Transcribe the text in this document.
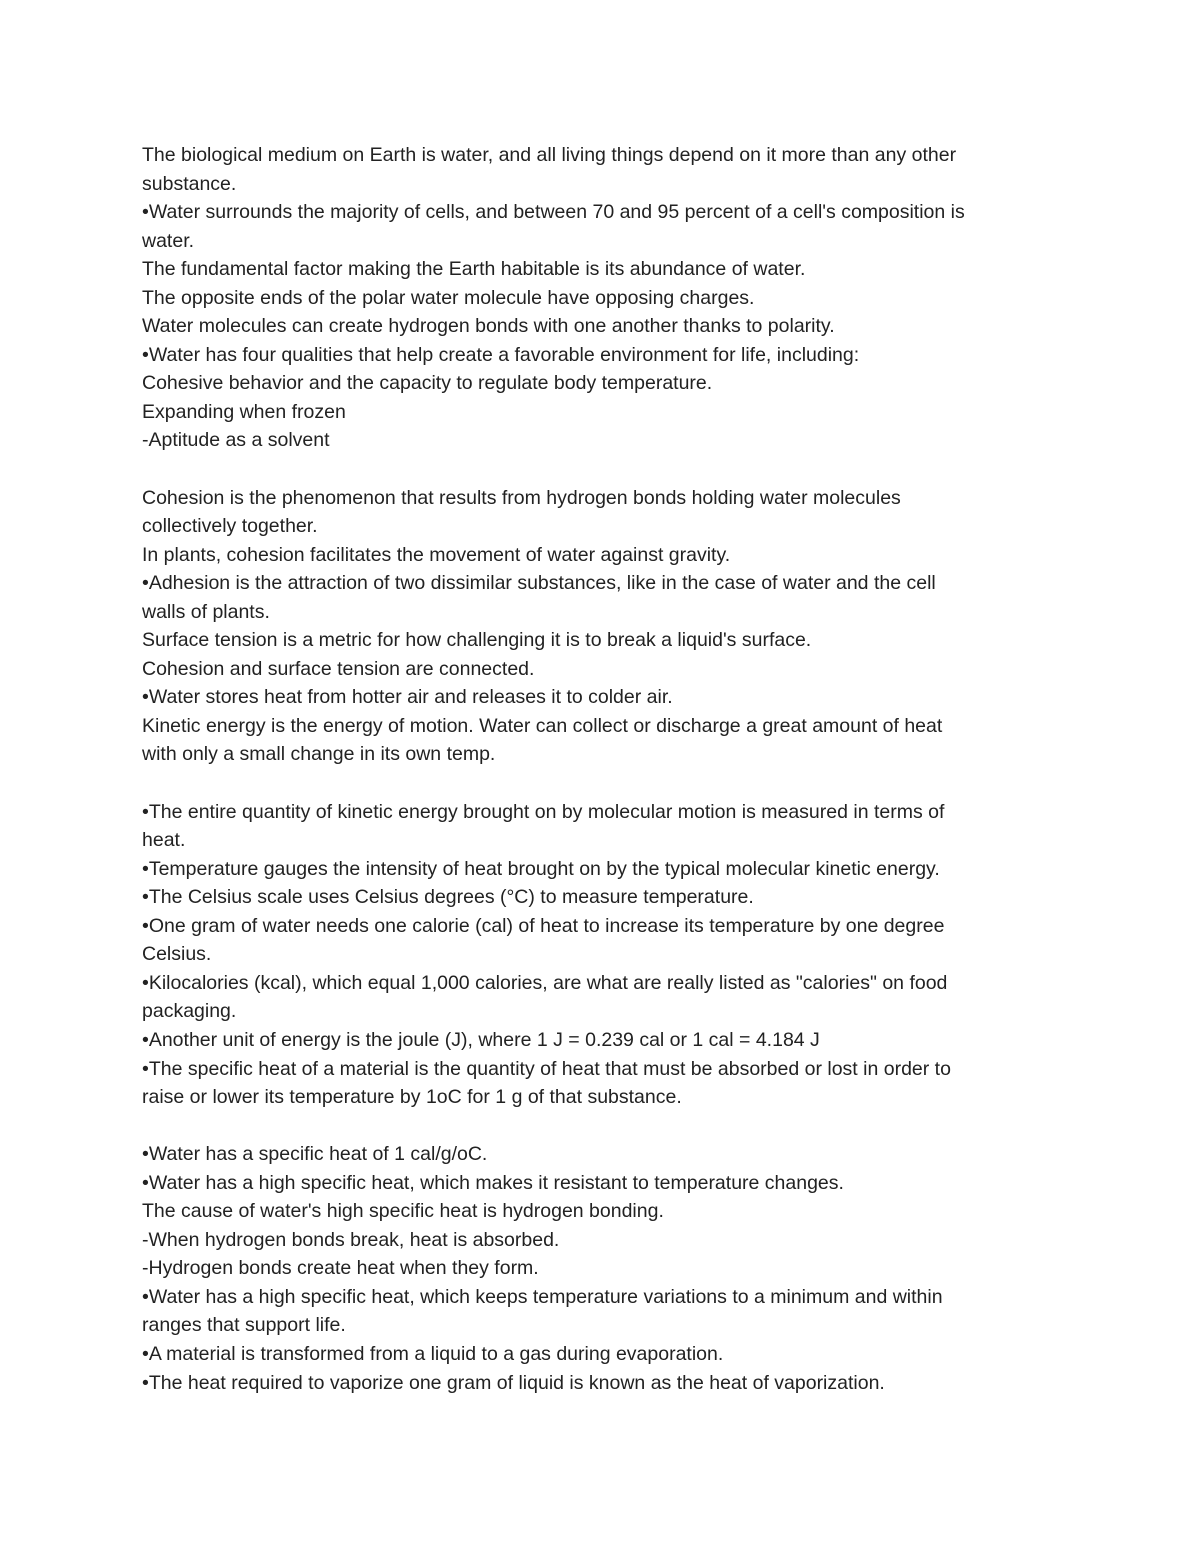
The biological medium on Earth is water, and all living things depend on it more than any other
substance.
•Water surrounds the majority of cells, and between 70 and 95 percent of a cell's composition is
water.
The fundamental factor making the Earth habitable is its abundance of water.
The opposite ends of the polar water molecule have opposing charges.
Water molecules can create hydrogen bonds with one another thanks to polarity.
•Water has four qualities that help create a favorable environment for life, including:
Cohesive behavior and the capacity to regulate body temperature.
Expanding when frozen
-Aptitude as a solvent
Cohesion is the phenomenon that results from hydrogen bonds holding water molecules
collectively together.
In plants, cohesion facilitates the movement of water against gravity.
•Adhesion is the attraction of two dissimilar substances, like in the case of water and the cell
walls of plants.
Surface tension is a metric for how challenging it is to break a liquid's surface.
Cohesion and surface tension are connected.
•Water stores heat from hotter air and releases it to colder air.
Kinetic energy is the energy of motion. Water can collect or discharge a great amount of heat
with only a small change in its own temp.
•The entire quantity of kinetic energy brought on by molecular motion is measured in terms of
heat.
•Temperature gauges the intensity of heat brought on by the typical molecular kinetic energy.
•The Celsius scale uses Celsius degrees (°C) to measure temperature.
•One gram of water needs one calorie (cal) of heat to increase its temperature by one degree
Celsius.
•Kilocalories (kcal), which equal 1,000 calories, are what are really listed as "calories" on food
packaging.
•Another unit of energy is the joule (J), where 1 J = 0.239 cal or 1 cal = 4.184 J
•The specific heat of a material is the quantity of heat that must be absorbed or lost in order to
raise or lower its temperature by 1oC for 1 g of that substance.
•Water has a specific heat of 1 cal/g/oC.
•Water has a high specific heat, which makes it resistant to temperature changes.
The cause of water's high specific heat is hydrogen bonding.
-When hydrogen bonds break, heat is absorbed.
-Hydrogen bonds create heat when they form.
•Water has a high specific heat, which keeps temperature variations to a minimum and within
ranges that support life.
•A material is transformed from a liquid to a gas during evaporation.
•The heat required to vaporize one gram of liquid is known as the heat of vaporization.
